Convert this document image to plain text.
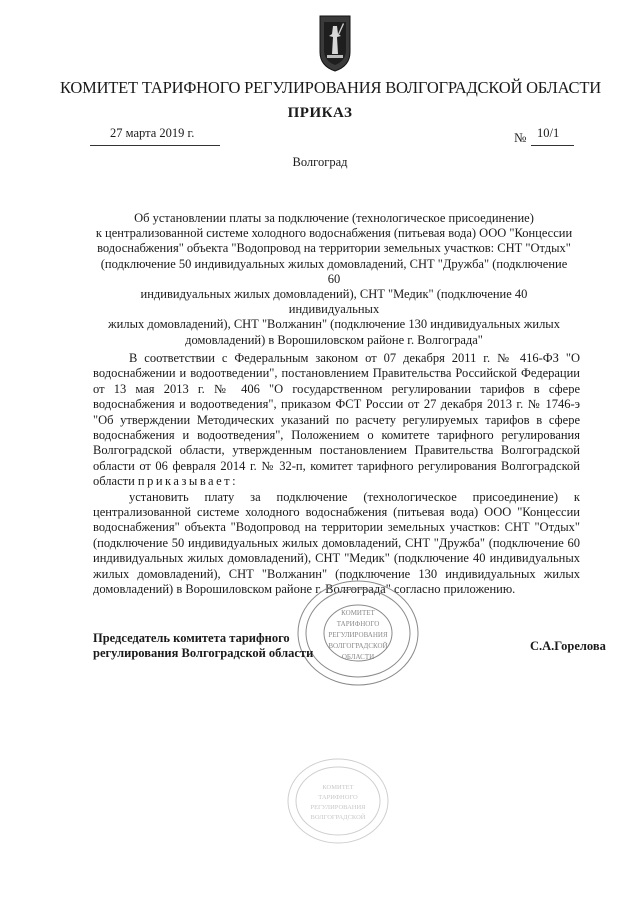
КОМИТЕТ ТАРИФНОГО РЕГУЛИРОВАНИЯ ВОЛГОГРАДСКОЙ ОБЛАСТИ
ПРИКАЗ
27 марта 2019 г.	№ 10/1
Волгоград
Об установлении платы за подключение (технологическое присоединение)
к централизованной системе холодного водоснабжения (питьевая вода) ООО "Концессии
водоснабжения" объекта "Водопровод на территории земельных участков: СНТ "Отдых"
(подключение 50 индивидуальных жилых домовладений, СНТ "Дружба" (подключение 60
индивидуальных жилых домовладений), СНТ "Медик" (подключение 40 индивидуальных
жилых домовладений), СНТ "Волжанин" (подключение 130 индивидуальных жилых
домовладений) в Ворошиловском районе г. Волгограда"

В соответствии с Федеральным законом от 07 декабря 2011 г. № 416-ФЗ "О водоснабжении и водоотведении", постановлением Правительства Российской Федерации от 13 мая 2013 г. № 406 "О государственном регулировании тарифов в сфере водоснабжения и водоотведения", приказом ФСТ России от 27 декабря 2013 г. № 1746-э "Об утверждении Методических указаний по расчету регулируемых тарифов в сфере водоснабжения и водоотведения", Положением о комитете тарифного регулирования Волгоградской области, утвержденным постановлением Правительства Волгоградской области от 06 февраля 2014 г. № 32-п, комитет тарифного регулирования Волгоградской области приказывает:

установить плату за подключение (технологическое присоединение) к централизованной системе холодного водоснабжения (питьевая вода) ООО "Концессии водоснабжения" объекта "Водопровод на территории земельных участков: СНТ "Отдых" (подключение 50 индивидуальных жилых домовладений, СНТ "Дружба" (подключение 60 индивидуальных жилых домовладений), СНТ "Медик" (подключение 40 индивидуальных жилых домовладений), СНТ "Волжанин" (подключение 130 индивидуальных жилых домовладений) в Ворошиловском районе г. Волгограда" согласно приложению.

КОМИТЕТ
ТАРИФНОГО
РЕГУЛИРОВАНИЯ
ВОЛГОГРАДСКОЙ
ОБЛАСТИ
Председатель комитета тарифного
регулирования Волгоградской области	С.А.Горелова
КОМИТЕТ
ТАРИФНОГО
РЕГУЛИРОВАНИЯ
ВОЛГОГРАДСКОЙ
